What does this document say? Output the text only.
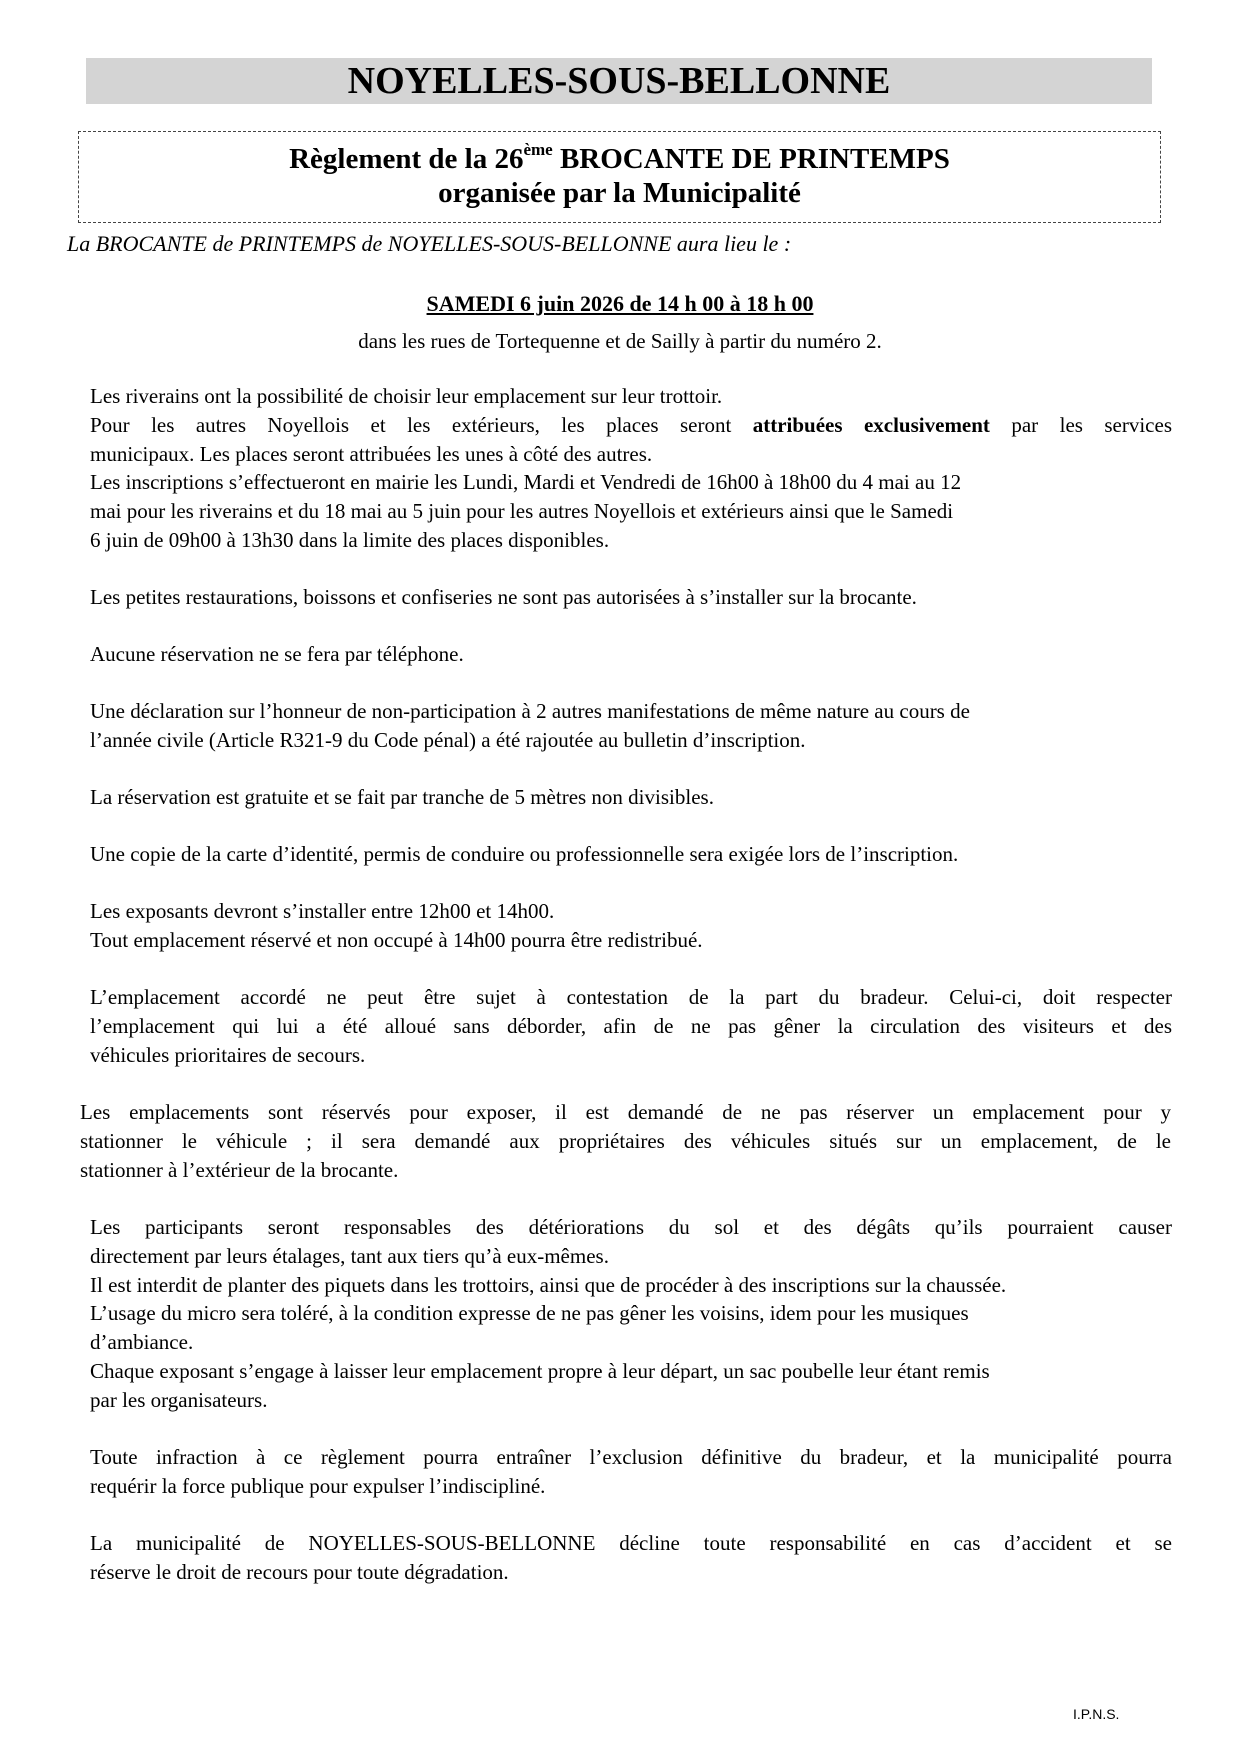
NOYELLES-SOUS-BELLONNE
Règlement de la 26ème BROCANTE DE PRINTEMPS
organisée par la Municipalité
La BROCANTE de PRINTEMPS de NOYELLES-SOUS-BELLONNE aura lieu le :
SAMEDI 6 juin 2026 de 14 h 00 à 18 h 00
dans les rues de Tortequenne et de Sailly à partir du numéro 2.
Les riverains ont la possibilité de choisir leur emplacement sur leur trottoir.
Pour les autres Noyellois et les extérieurs, les places seront attribuées exclusivement par les services
municipaux. Les places seront attribuées les unes à côté des autres.
Les inscriptions s’effectueront en mairie les Lundi, Mardi et Vendredi de 16h00 à 18h00 du 4 mai au 12
mai pour les riverains et du 18 mai au 5 juin pour les autres Noyellois et extérieurs ainsi que le Samedi
6 juin de 09h00 à 13h30 dans la limite des places disponibles.
Les petites restaurations, boissons et confiseries ne sont pas autorisées à s’installer sur la brocante.
Aucune réservation ne se fera par téléphone.
Une déclaration sur l’honneur de non-participation à 2 autres manifestations de même nature au cours de
l’année civile (Article R321-9 du Code pénal) a été rajoutée au bulletin d’inscription.
La réservation est gratuite et se fait par tranche de 5 mètres non divisibles.
Une copie de la carte d’identité, permis de conduire ou professionnelle sera exigée lors de l’inscription.
Les exposants devront s’installer entre 12h00 et 14h00.
Tout emplacement réservé et non occupé à 14h00 pourra être redistribué.
L’emplacement accordé ne peut être sujet à contestation de la part du bradeur. Celui-ci, doit respecter
l’emplacement qui lui a été alloué sans déborder, afin de ne pas gêner la circulation des visiteurs et des
véhicules prioritaires de secours.
Les emplacements sont réservés pour exposer, il est demandé de ne pas réserver un emplacement pour y
stationner le véhicule ; il sera demandé aux propriétaires des véhicules situés sur un emplacement, de le
stationner à l’extérieur de la brocante.
Les participants seront responsables des détériorations du sol et des dégâts qu’ils pourraient causer
directement par leurs étalages, tant aux tiers qu’à eux-mêmes.
Il est interdit de planter des piquets dans les trottoirs, ainsi que de procéder à des inscriptions sur la chaussée.
L’usage du micro sera toléré, à la condition expresse de ne pas gêner les voisins, idem pour les musiques
d’ambiance.
Chaque exposant s’engage à laisser leur emplacement propre à leur départ, un sac poubelle leur étant remis
par les organisateurs.
Toute infraction à ce règlement pourra entraîner l’exclusion définitive du bradeur, et la municipalité pourra
requérir la force publique pour expulser l’indiscipliné.
La municipalité de NOYELLES-SOUS-BELLONNE décline toute responsabilité en cas d’accident et se
réserve le droit de recours pour toute dégradation.
I.P.N.S.
